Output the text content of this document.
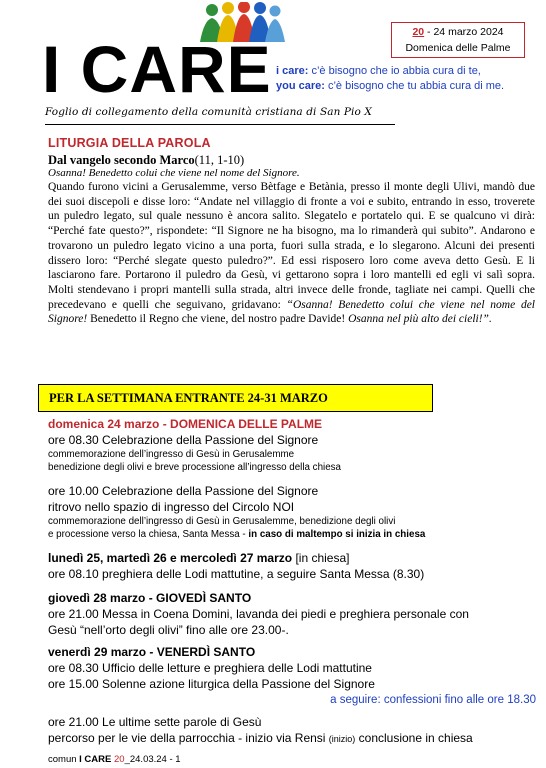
I CARE	20 - 24 marzo 2024
Domenica delle Palme
i care: c’è bisogno che io abbia cura di te,
you care: c’è bisogno che tu abbia cura di me.
Foglio di collegamento della comunità cristiana di San Pio X
LITURGIA DELLA PAROLA
Dal vangelo secondo Marco(11, 1-10)
Osanna! Benedetto colui che viene nel nome del Signore.
Quando furono vicini a Gerusalemme, verso Bètfage e Betània, presso il monte degli Ulivi, mandò due dei suoi discepoli e disse loro: “Andate nel villaggio di fronte a voi e subito, entrando in esso, troverete un puledro legato, sul quale nessuno è ancora salito. Slegatelo e portatelo qui. E se qualcuno vi dirà: “Perché fate questo?”, rispondete: “Il Signore ne ha bisogno, ma lo rimanderà qui subito”. Andarono e trovarono un puledro legato vicino a una porta, fuori sulla strada, e lo slegarono. Alcuni dei presenti dissero loro: “Perché slegate questo puledro?”. Ed essi risposero loro come aveva detto Gesù. E li lasciarono fare. Portarono il puledro da Gesù, vi gettarono sopra i loro mantelli ed egli vi salì sopra. Molti stendevano i propri mantelli sulla strada, altri invece delle fronde, tagliate nei campi. Quelli che precedevano e quelli che seguivano, gridavano: “Osanna! Benedetto colui che viene nel nome del Signore! Benedetto il Regno che viene, del nostro padre Davide! Osanna nel più alto dei cieli!”.
PER LA SETTIMANA ENTRANTE 24-31 MARZO
domenica 24 marzo - DOMENICA DELLE PALME
ore 08.30 Celebrazione della Passione del Signore
commemorazione dell’ingresso di Gesù in Gerusalemme
benedizione degli olivi e breve processione all’ingresso della chiesa
ore 10.00 Celebrazione della Passione del Signore
ritrovo nello spazio di ingresso del Circolo NOI
commemorazione dell’ingresso di Gesù in Gerusalemme, benedizione degli olivi
e processione verso la chiesa, Santa Messa - in caso di maltempo si inizia in chiesa
lunedì 25, martedì 26 e mercoledì 27 marzo [in chiesa]
ore 08.10 preghiera delle Lodi mattutine, a seguire Santa Messa (8.30)
giovedì 28 marzo - GIOVEDÌ SANTO
ore 21.00 Messa in Coena Domini, lavanda dei piedi e preghiera personale con
Gesù “nell’orto degli olivi” fino alle ore 23.00-.
venerdì 29 marzo - VENERDÌ SANTO
ore 08.30 Ufficio delle letture e preghiera delle Lodi mattutine
ore 15.00 Solenne azione liturgica della Passione del Signore
a seguire: confessioni fino alle ore 18.30
ore 21.00 Le ultime sette parole di Gesù
percorso per le vie della parrocchia - inizio via Rensi (inizio) conclusione in chiesa
comun I CARE 20_24.03.24 - 1
